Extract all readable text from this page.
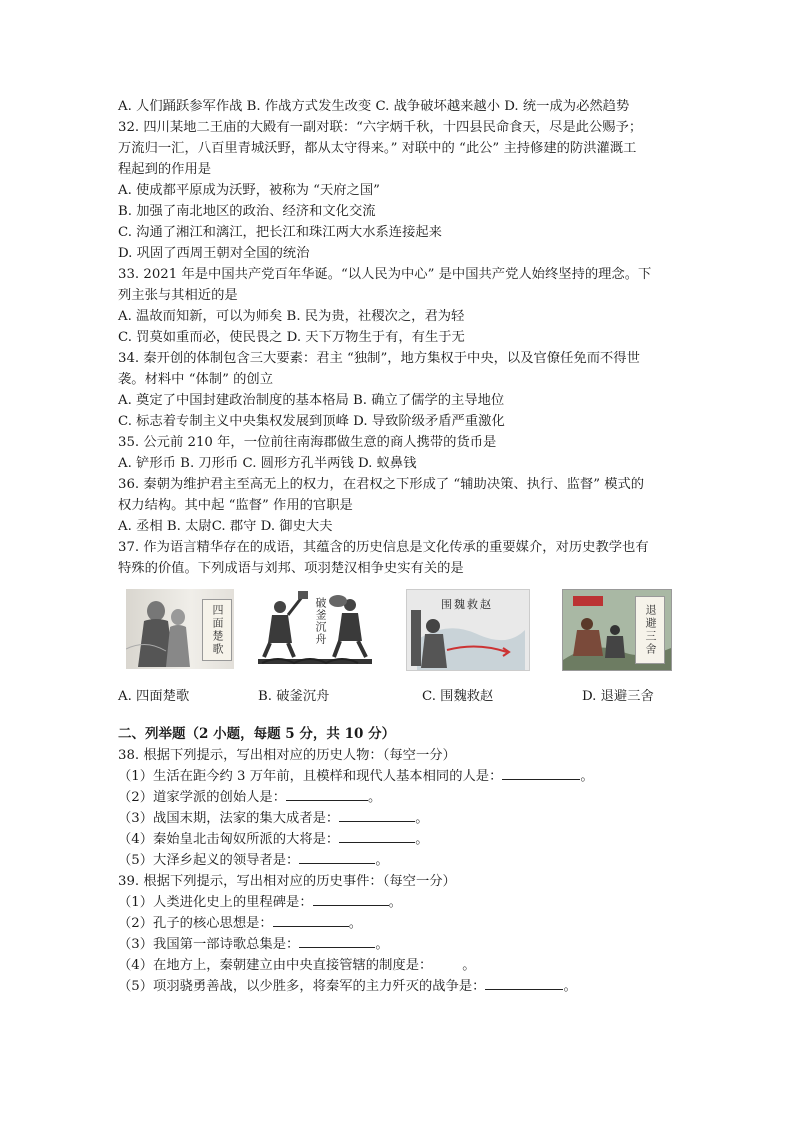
A. 人们踊跃参军作战 B. 作战方式发生改变 C. 战争破坏越来越小 D. 统一成为必然趋势
32. 四川某地二王庙的大殿有一副对联：“六字炳千秋，十四县民命食天，尽是此公赐予；
万流归一汇，八百里青城沃野，都从太守得来。” 对联中的 “此公” 主持修建的防洪灌溉工
程起到的作用是
A. 使成都平原成为沃野，被称为 “天府之国”
B. 加强了南北地区的政治、经济和文化交流
C. 沟通了湘江和漓江，把长江和珠江两大水系连接起来
D. 巩固了西周王朝对全国的统治
33. 2021 年是中国共产党百年华诞。“以人民为中心” 是中国共产党人始终坚持的理念。下
列主张与其相近的是
A. 温故而知新，可以为师矣 B. 民为贵，社稷次之，君为轻
C. 罚莫如重而必，使民畏之 D. 天下万物生于有，有生于无
34. 秦开创的体制包含三大要素：君主 “独制”，地方集权于中央，以及官僚任免而不得世
袭。材料中 “体制” 的创立
A. 奠定了中国封建政治制度的基本格局 B. 确立了儒学的主导地位
C. 标志着专制主义中央集权发展到顶峰 D. 导致阶级矛盾严重激化
35. 公元前 210 年，一位前往南海郡做生意的商人携带的货币是
A. 铲形币 B. 刀形币 C. 圆形方孔半两钱 D. 蚁鼻钱
36. 秦朝为维护君主至高无上的权力，在君权之下形成了 “辅助决策、执行、监督” 模式的
权力结构。其中起 “监督” 作用的官职是
A. 丞相 B. 太尉C. 郡守 D. 御史大夫
37. 作为语言精华存在的成语，其蕴含的历史信息是文化传承的重要媒介，对历史教学也有
特殊的价值。下列成语与刘邦、项羽楚汉相争史实有关的是
四面楚歌	破釜沉舟	围魏救赵	退避三舍
A. 四面楚歌	B. 破釜沉舟	C. 围魏救赵	D. 退避三舍
二、列举题（2 小题，每题 5 分，共 10 分）
38. 根据下列提示，写出相对应的历史人物：（每空一分）
（1）生活在距今约 3 万年前，且模样和现代人基本相同的人是：	。
（2）道家学派的创始人是：	。
（3）战国末期，法家的集大成者是：	。
（4）秦始皇北击匈奴所派的大将是：	。
（5）大泽乡起义的领导者是：	。
39. 根据下列提示，写出相对应的历史事件：（每空一分）
（1）人类进化史上的里程碑是：	。
（2）孔子的核心思想是：	。
（3）我国第一部诗歌总集是：	。
（4）在地方上，秦朝建立由中央直接管辖的制度是： 。
（5）项羽骁勇善战，以少胜多，将秦军的主力歼灭的战争是：	。
